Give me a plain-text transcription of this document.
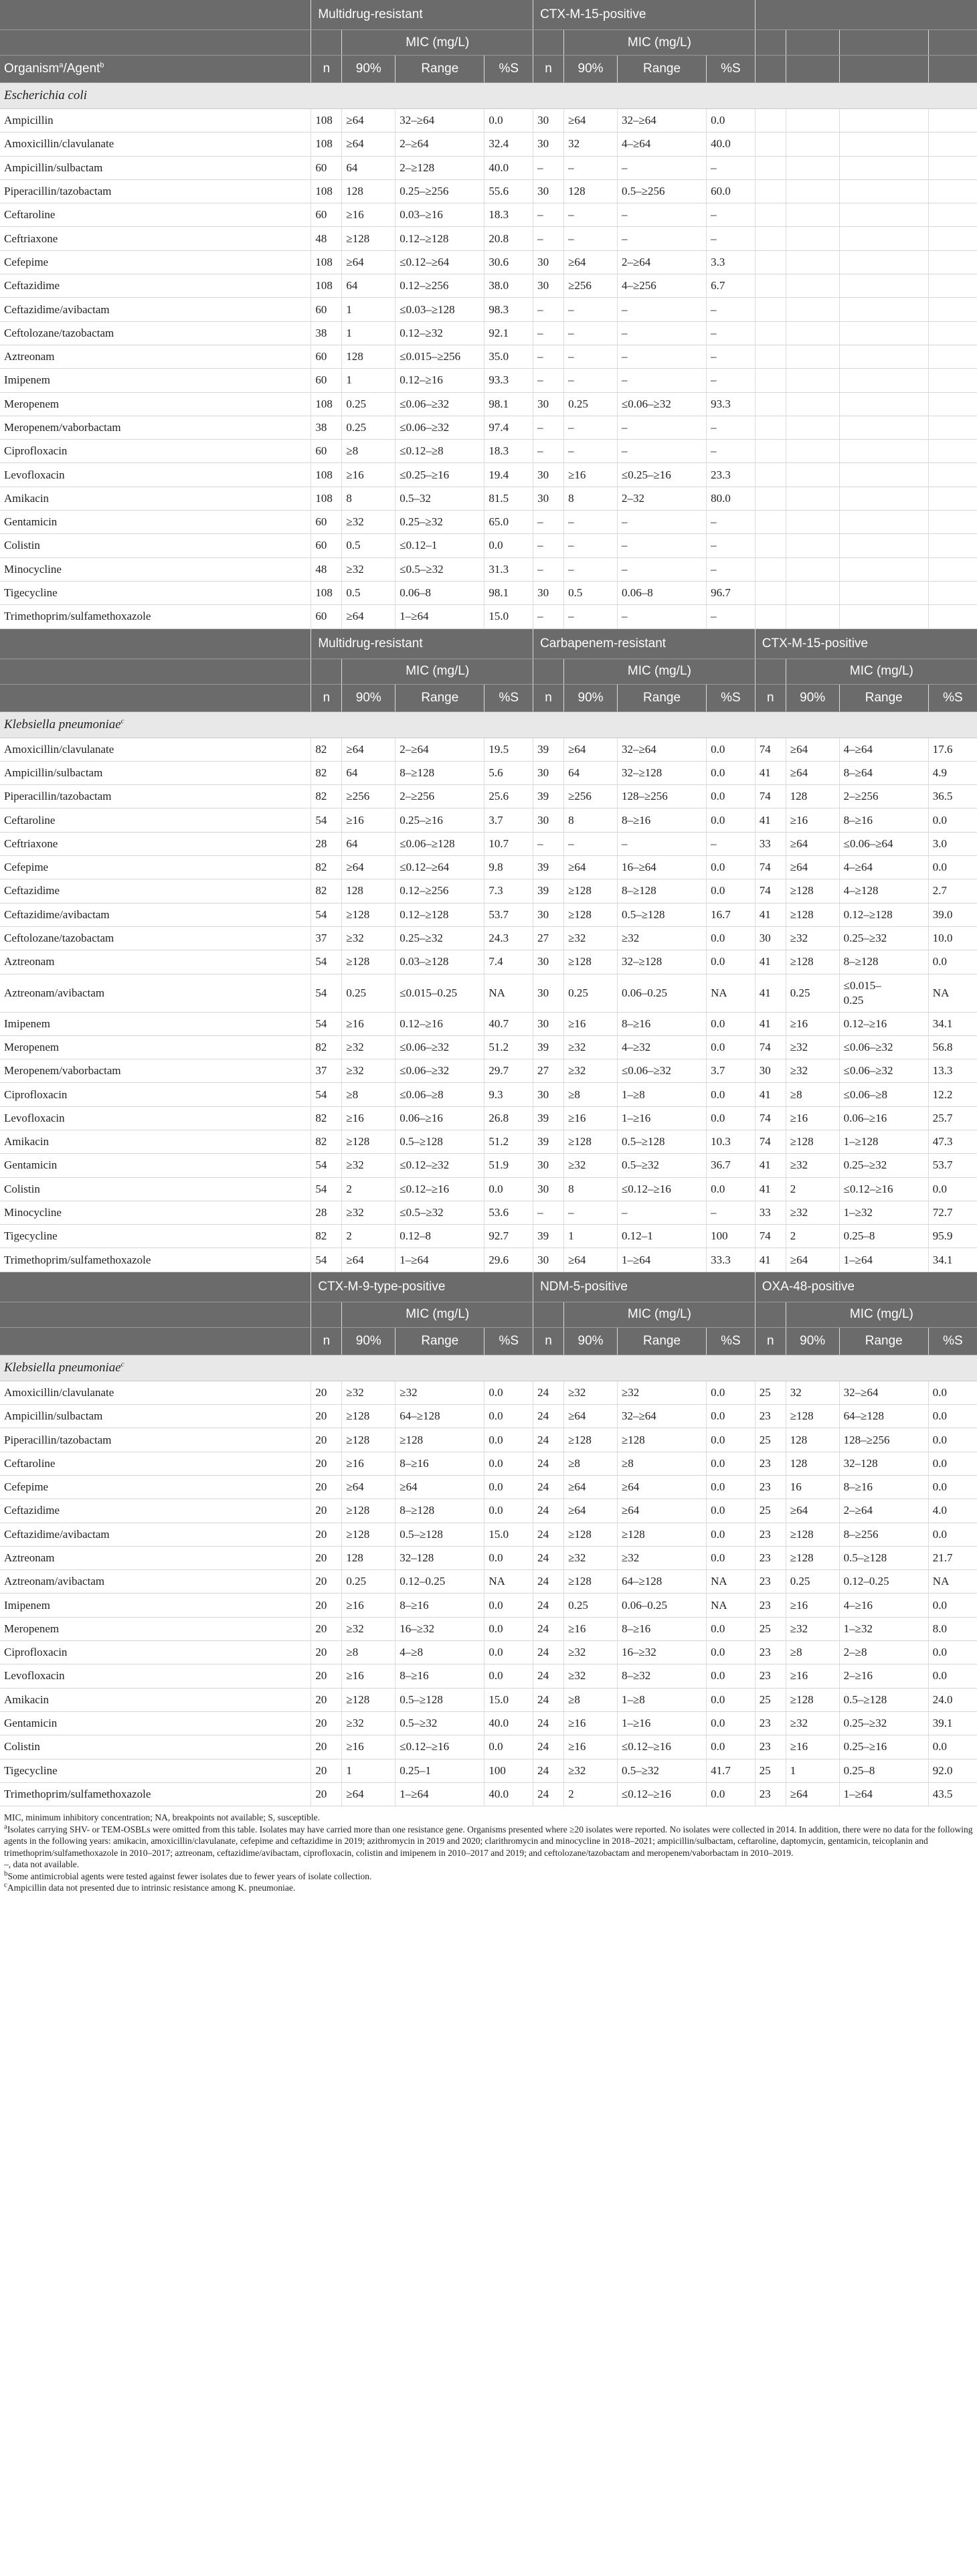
	Multidrug-resistant				CTX-M-15-positive							
		MIC (mg/L)				MIC (mg/L)						
Organism$^a$/Agent$^b$	n	90%	Range	%S	n	90%	Range	%S				
Escherichia coli												
Ampicillin	108	≥64	32–≥64	0.0	30	≥64	32–≥64	0.0				
Amoxicillin/clavulanate	108	≥64	2–≥64	32.4	30	32	4–≥64	40.0				
Ampicillin/sulbactam	60	64	2–≥128	40.0	–	–	–	–				
Piperacillin/tazobactam	108	128	0.25–≥256	55.6	30	128	0.5–≥256	60.0				
Ceftaroline	60	≥16	0.03–≥16	18.3	–	–	–	–				
Ceftriaxone	48	≥128	0.12–≥128	20.8	–	–	–	–				
Cefepime	108	≥64	≤0.12–≥64	30.6	30	≥64	2–≥64	3.3				
Ceftazidime	108	64	0.12–≥256	38.0	30	≥256	4–≥256	6.7				
Ceftazidime/avibactam	60	1	≤0.03–≥128	98.3	–	–	–	–				
Ceftolozane/tazobactam	38	1	0.12–≥32	92.1	–	–	–	–				
Aztreonam	60	128	≤0.015–≥256	35.0	–	–	–	–				
Imipenem	60	1	0.12–≥16	93.3	–	–	–	–				
Meropenem	108	0.25	≤0.06–≥32	98.1	30	0.25	≤0.06–≥32	93.3				
Meropenem/vaborbactam	38	0.25	≤0.06–≥32	97.4	–	–	–	–				
Ciprofloxacin	60	≥8	≤0.12–≥8	18.3	–	–	–	–				
Levofloxacin	108	≥16	≤0.25–≥16	19.4	30	≥16	≤0.25–≥16	23.3				
Amikacin	108	8	0.5–32	81.5	30	8	2–32	80.0				
Gentamicin	60	≥32	0.25–≥32	65.0	–	–	–	–				
Colistin	60	0.5	≤0.12–1	0.0	–	–	–	–				
Minocycline	48	≥32	≤0.5–≥32	31.3	–	–	–	–				
Tigecycline	108	0.5	0.06–8	98.1	30	0.5	0.06–8	96.7				
Trimethoprim/sulfamethoxazole	60	≥64	1–≥64	15.0	–	–	–	–				
	Multidrug-resistant				Carbapenem-resistant				CTX-M-15-positive			
		MIC (mg/L)				MIC (mg/L)				MIC (mg/L)		
	n	90%	Range	%S	n	90%	Range	%S	n	90%	Range	%S
Klebsiella pneumoniae$^c$
Amoxicillin/clavulanate	82	≥64	2–≥64	19.5	39	≥64	32–≥64	0.0	74	≥64	4–≥64	17.6
Ampicillin/sulbactam	82	64	8–≥128	5.6	30	64	32–≥128	0.0	41	≥64	8–≥64	4.9
Piperacillin/tazobactam	82	≥256	2–≥256	25.6	39	≥256	128–≥256	0.0	74	128	2–≥256	36.5
Ceftaroline	54	≥16	0.25–≥16	3.7	30	8	8–≥16	0.0	41	≥16	8–≥16	0.0
Ceftriaxone	28	64	≤0.06–≥128	10.7	–	–	–	–	33	≥64	≤0.06–≥64	3.0
Cefepime	82	≥64	≤0.12–≥64	9.8	39	≥64	16–≥64	0.0	74	≥64	4–≥64	0.0
Ceftazidime	82	128	0.12–≥256	7.3	39	≥128	8–≥128	0.0	74	≥128	4–≥128	2.7
Ceftazidime/avibactam	54	≥128	0.12–≥128	53.7	30	≥128	0.5–≥128	16.7	41	≥128	0.12–≥128	39.0
Ceftolozane/tazobactam	37	≥32	0.25–≥32	24.3	27	≥32	≥32	0.0	30	≥32	0.25–≥32	10.0
Aztreonam	54	≥128	0.03–≥128	7.4	30	≥128	32–≥128	0.0	41	≥128	8–≥128	0.0
Aztreonam/avibactam	54	0.25	≤0.015–0.25	NA	30	0.25	0.06–0.25	NA	41	0.25	≤0.015–
0.25	NA
Imipenem	54	≥16	0.12–≥16	40.7	30	≥16	8–≥16	0.0	41	≥16	0.12–≥16	34.1
Meropenem	82	≥32	≤0.06–≥32	51.2	39	≥32	4–≥32	0.0	74	≥32	≤0.06–≥32	56.8
Meropenem/vaborbactam	37	≥32	≤0.06–≥32	29.7	27	≥32	≤0.06–≥32	3.7	30	≥32	≤0.06–≥32	13.3
Ciprofloxacin	54	≥8	≤0.06–≥8	9.3	30	≥8	1–≥8	0.0	41	≥8	≤0.06–≥8	12.2
Levofloxacin	82	≥16	0.06–≥16	26.8	39	≥16	1–≥16	0.0	74	≥16	0.06–≥16	25.7
Amikacin	82	≥128	0.5–≥128	51.2	39	≥128	0.5–≥128	10.3	74	≥128	1–≥128	47.3
Gentamicin	54	≥32	≤0.12–≥32	51.9	30	≥32	0.5–≥32	36.7	41	≥32	0.25–≥32	53.7
Colistin	54	2	≤0.12–≥16	0.0	30	8	≤0.12–≥16	0.0	41	2	≤0.12–≥16	0.0
Minocycline	28	≥32	≤0.5–≥32	53.6	–	–	–	–	33	≥32	1–≥32	72.7
Tigecycline	82	2	0.12–8	92.7	39	1	0.12–1	100	74	2	0.25–8	95.9
Trimethoprim/sulfamethoxazole	54	≥64	1–≥64	29.6	30	≥64	1–≥64	33.3	41	≥64	1–≥64	34.1
	CTX-M-9-type-positive				NDM-5-positive				OXA-48-positive			
		MIC (mg/L)				MIC (mg/L)				MIC (mg/L)		
	n	90%	Range	%S	n	90%	Range	%S	n	90%	Range	%S
Klebsiella pneumoniae$^c$
Amoxicillin/clavulanate	20	≥32	≥32	0.0	24	≥32	≥32	0.0	25	32	32–≥64	0.0
Ampicillin/sulbactam	20	≥128	64–≥128	0.0	24	≥64	32–≥64	0.0	23	≥128	64–≥128	0.0
Piperacillin/tazobactam	20	≥128	≥128	0.0	24	≥128	≥128	0.0	25	128	128–≥256	0.0
Ceftaroline	20	≥16	8–≥16	0.0	24	≥8	≥8	0.0	23	128	32–128	0.0
Cefepime	20	≥64	≥64	0.0	24	≥64	≥64	0.0	23	16	8–≥16	0.0
Ceftazidime	20	≥128	8–≥128	0.0	24	≥64	≥64	0.0	25	≥64	2–≥64	4.0
Ceftazidime/avibactam	20	≥128	0.5–≥128	15.0	24	≥128	≥128	0.0	23	≥128	8–≥256	0.0
Aztreonam	20	128	32–128	0.0	24	≥32	≥32	0.0	23	≥128	0.5–≥128	21.7
Aztreonam/avibactam	20	0.25	0.12–0.25	NA	24	≥128	64–≥128	NA	23	0.25	0.12–0.25	NA
Imipenem	20	≥16	8–≥16	0.0	24	0.25	0.06–0.25	NA	23	≥16	4–≥16	0.0
Meropenem	20	≥32	16–≥32	0.0	24	≥16	8–≥16	0.0	25	≥32	1–≥32	8.0
Ciprofloxacin	20	≥8	4–≥8	0.0	24	≥32	16–≥32	0.0	23	≥8	2–≥8	0.0
Levofloxacin	20	≥16	8–≥16	0.0	24	≥32	8–≥32	0.0	23	≥16	2–≥16	0.0
Amikacin	20	≥128	0.5–≥128	15.0	24	≥8	1–≥8	0.0	25	≥128	0.5–≥128	24.0
Gentamicin	20	≥32	0.5–≥32	40.0	24	≥16	1–≥16	0.0	23	≥32	0.25–≥32	39.1
Colistin	20	≥16	≤0.12–≥16	0.0	24	≥16	≤0.12–≥16	0.0	23	≥16	0.25–≥16	0.0
Tigecycline	20	1	0.25–1	100	24	≥32	0.5–≥32	41.7	25	1	0.25–8	92.0
Trimethoprim/sulfamethoxazole	20	≥64	1–≥64	40.0	24	2	≤0.12–≥16	0.0	23	≥64	1–≥64	43.5

MIC, minimum inhibitory concentration; NA, breakpoints not available; S, susceptible.

$^a$Isolates carrying SHV- or TEM-OSBLs were omitted from this table. Isolates may have carried more than one resistance gene. Organisms presented where ≥20 isolates were reported. No isolates were collected in 2014. In addition, there were no data for the following agents in the following years: amikacin, amoxicillin/clavulanate, cefepime and ceftazidime in 2019; azithromycin in 2019 and 2020; clarithromycin and minocycline in 2018–2021; ampicillin/sulbactam, ceftaroline, daptomycin, gentamicin, teicoplanin and trimethoprim/sulfamethoxazole in 2010–2017; aztreonam, ceftazidime/avibactam, ciprofloxacin, colistin and imipenem in 2010–2017 and 2019; and ceftolozane/tazobactam and meropenem/vaborbactam in 2010–2019.

–, data not available.

$^b$Some antimicrobial agents were tested against fewer isolates due to fewer years of isolate collection.

$^c$Ampicillin data not presented due to intrinsic resistance among K. pneumoniae.
